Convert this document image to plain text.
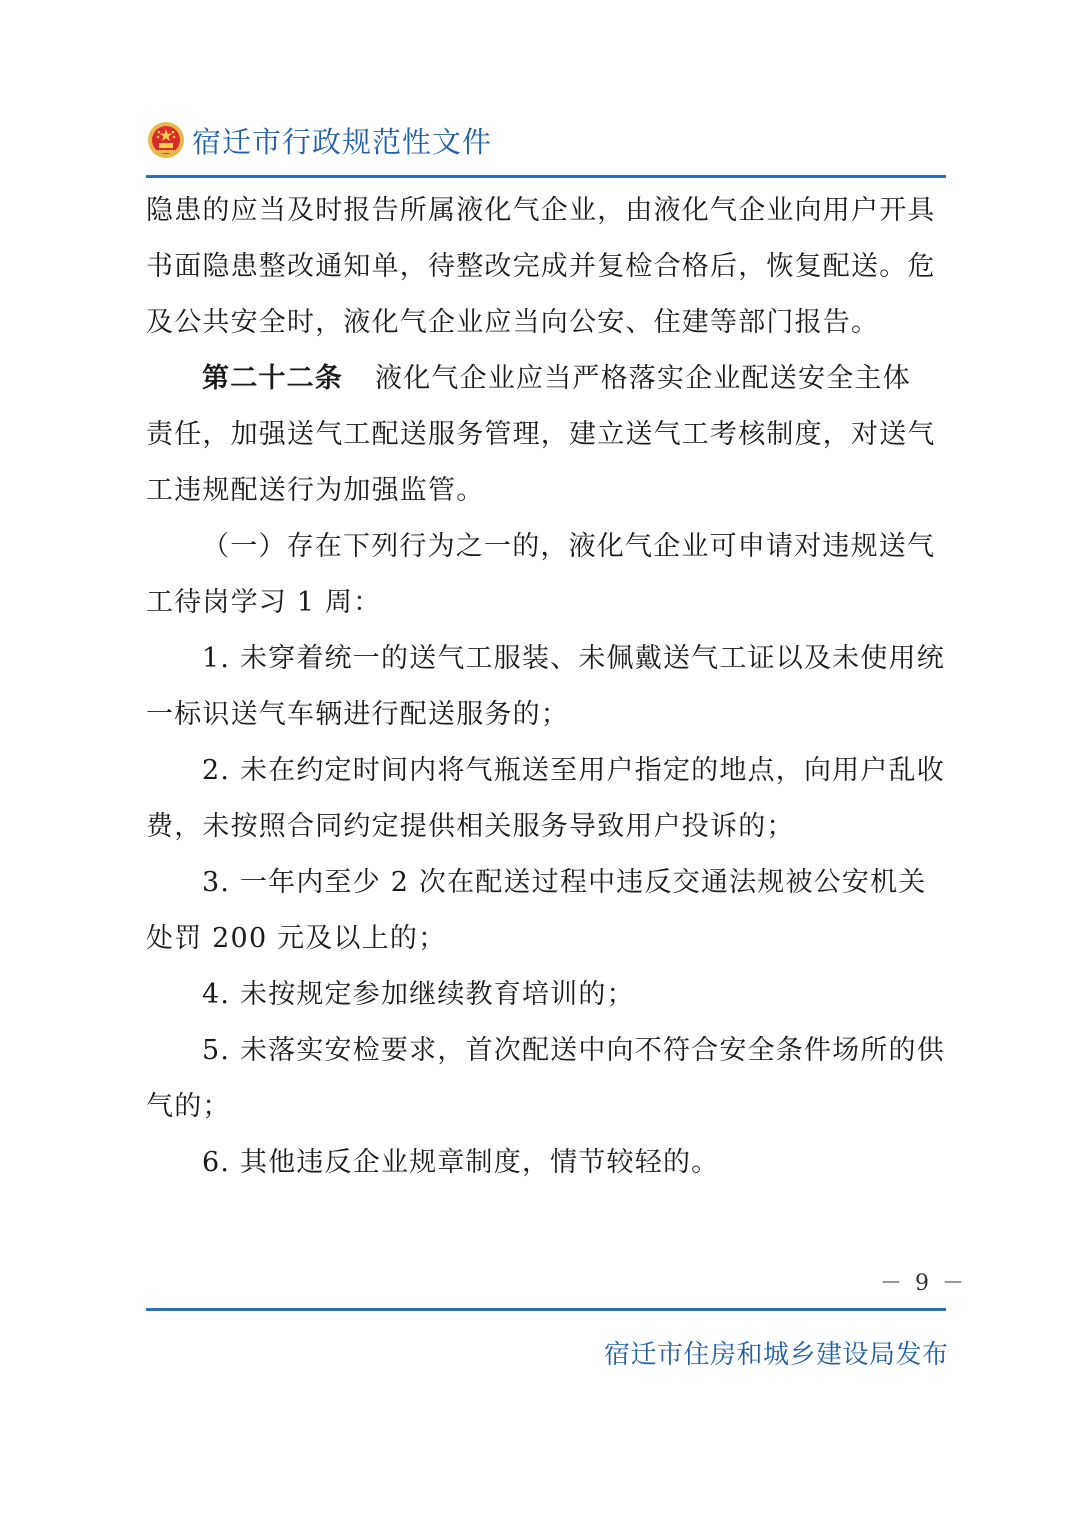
宿迁市行政规范性文件
隐患的应当及时报告所属液化气企业，由液化气企业向用户开具
书面隐患整改通知单，待整改完成并复检合格后，恢复配送。危
及公共安全时，液化气企业应当向公安、住建等部门报告。
第二十二条 液化气企业应当严格落实企业配送安全主体
责任，加强送气工配送服务管理，建立送气工考核制度，对送气
工违规配送行为加强监管。
（一）存在下列行为之一的，液化气企业可申请对违规送气
工待岗学习 1 周：
1. 未穿着统一的送气工服装、未佩戴送气工证以及未使用统
一标识送气车辆进行配送服务的；
2. 未在约定时间内将气瓶送至用户指定的地点，向用户乱收
费，未按照合同约定提供相关服务导致用户投诉的；
3. 一年内至少 2 次在配送过程中违反交通法规被公安机关
处罚 200 元及以上的；
4. 未按规定参加继续教育培训的；
5. 未落实安检要求，首次配送中向不符合安全条件场所的供
气的；
6. 其他违反企业规章制度，情节较轻的。
－ 9 －
宿迁市住房和城乡建设局发布
